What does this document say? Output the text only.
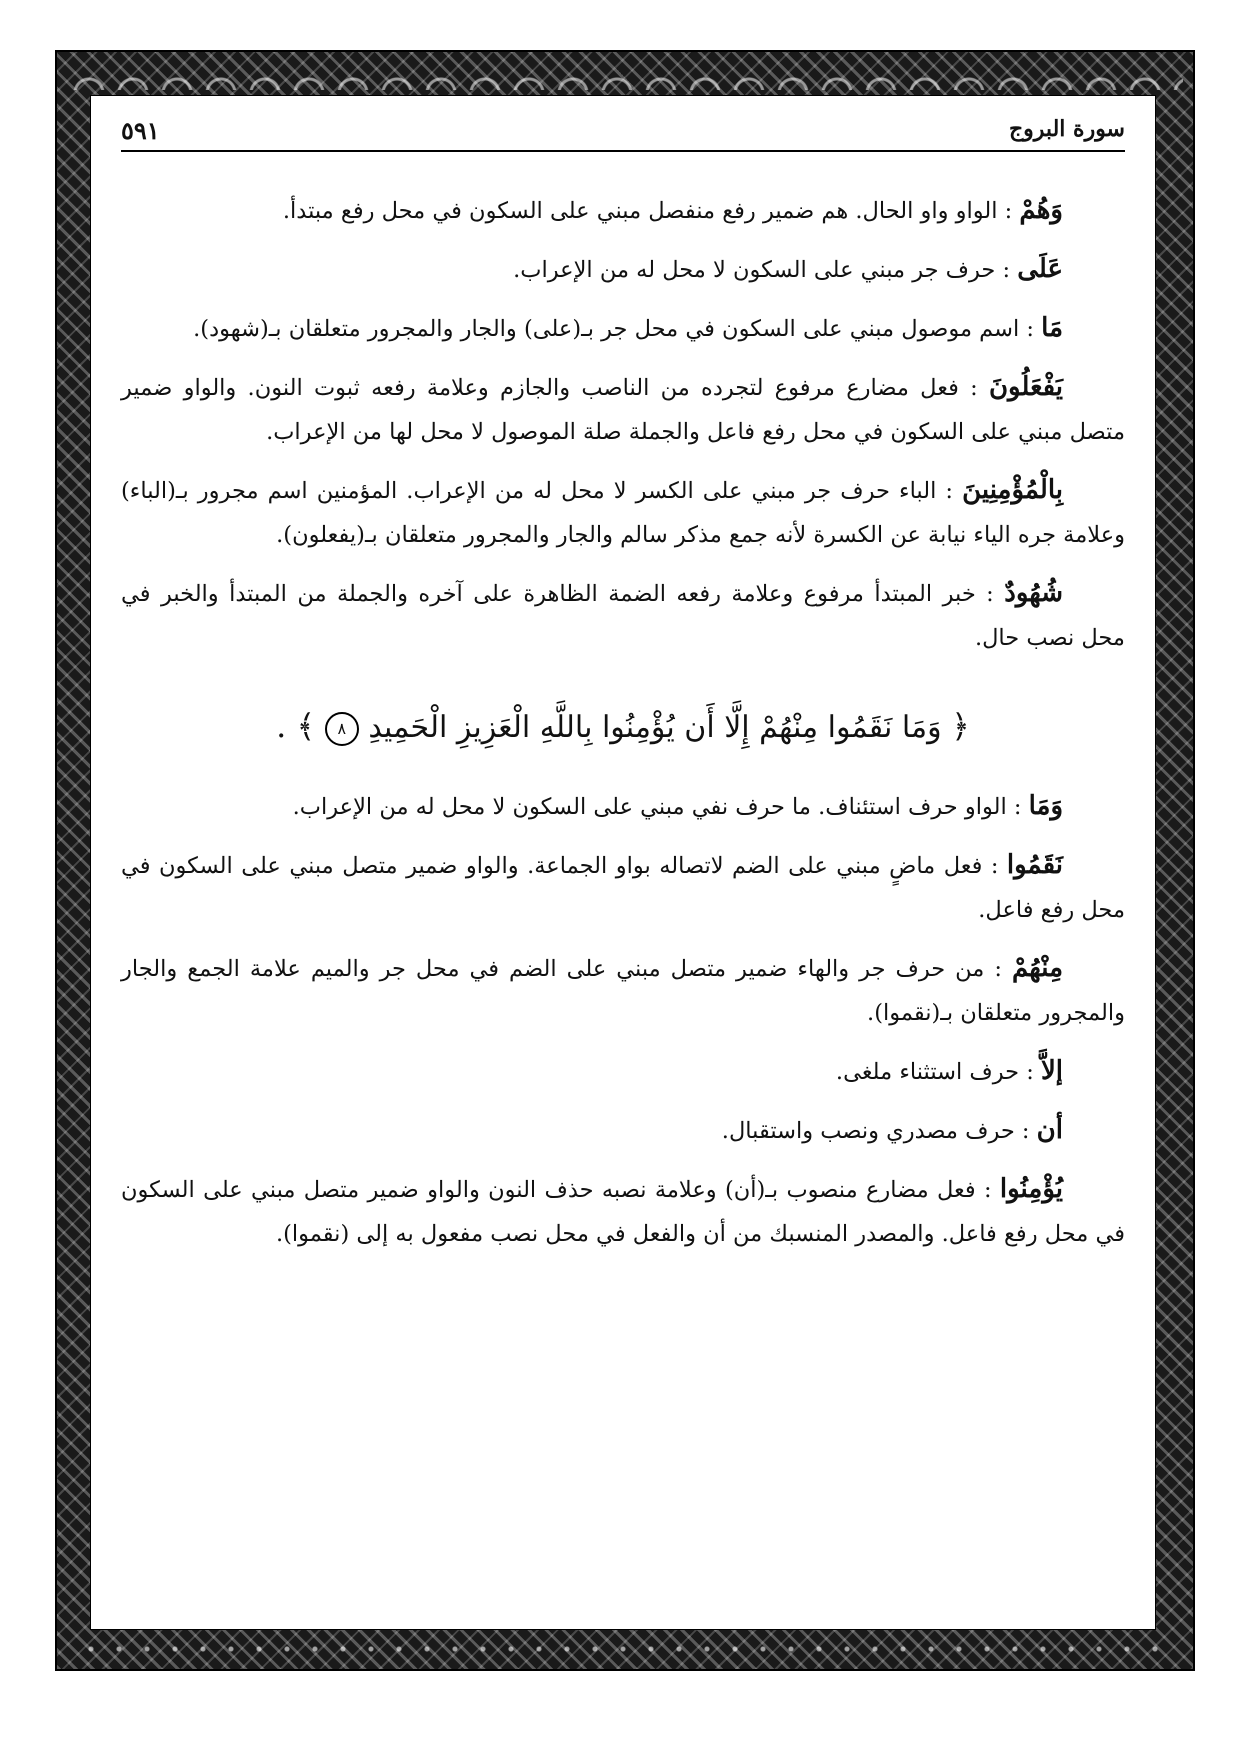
سورة البروج
٥٩١

وَهُمْ : الواو واو الحال. هم ضمير رفع منفصل مبني على السكون في محل رفع مبتدأ.

عَلَى : حرف جر مبني على السكون لا محل له من الإعراب.

مَا : اسم موصول مبني على السكون في محل جر بـ(على) والجار والمجرور متعلقان بـ(شهود).

يَفْعَلُونَ : فعل مضارع مرفوع لتجرده من الناصب والجازم وعلامة رفعه ثبوت النون. والواو ضمير متصل مبني على السكون في محل رفع فاعل والجملة صلة الموصول لا محل لها من الإعراب.

بِالْمُؤْمِنِينَ : الباء حرف جر مبني على الكسر لا محل له من الإعراب. المؤمنين اسم مجرور بـ(الباء) وعلامة جره الياء نيابة عن الكسرة لأنه جمع مذكر سالم والجار والمجرور متعلقان بـ(يفعلون).

شُهُودٌ : خبر المبتدأ مرفوع وعلامة رفعه الضمة الظاهرة على آخره والجملة من المبتدأ والخبر في محل نصب حال.

﴿ وَمَا نَقَمُوا مِنْهُمْ إِلَّا أَن يُؤْمِنُوا بِاللَّهِ الْعَزِيزِ الْحَمِيدِ ٨ ﴾ .

وَمَا : الواو حرف استئناف. ما حرف نفي مبني على السكون لا محل له من الإعراب.

نَقَمُوا : فعل ماضٍ مبني على الضم لاتصاله بواو الجماعة. والواو ضمير متصل مبني على السكون في محل رفع فاعل.

مِنْهُمْ : من حرف جر والهاء ضمير متصل مبني على الضم في محل جر والميم علامة الجمع والجار والمجرور متعلقان بـ(نقموا).

إلاَّ : حرف استثناء ملغى.

أن : حرف مصدري ونصب واستقبال.

يُؤْمِنُوا : فعل مضارع منصوب بـ(أن) وعلامة نصبه حذف النون والواو ضمير متصل مبني على السكون في محل رفع فاعل. والمصدر المنسبك من أن والفعل في محل نصب مفعول به إلى (نقموا).
